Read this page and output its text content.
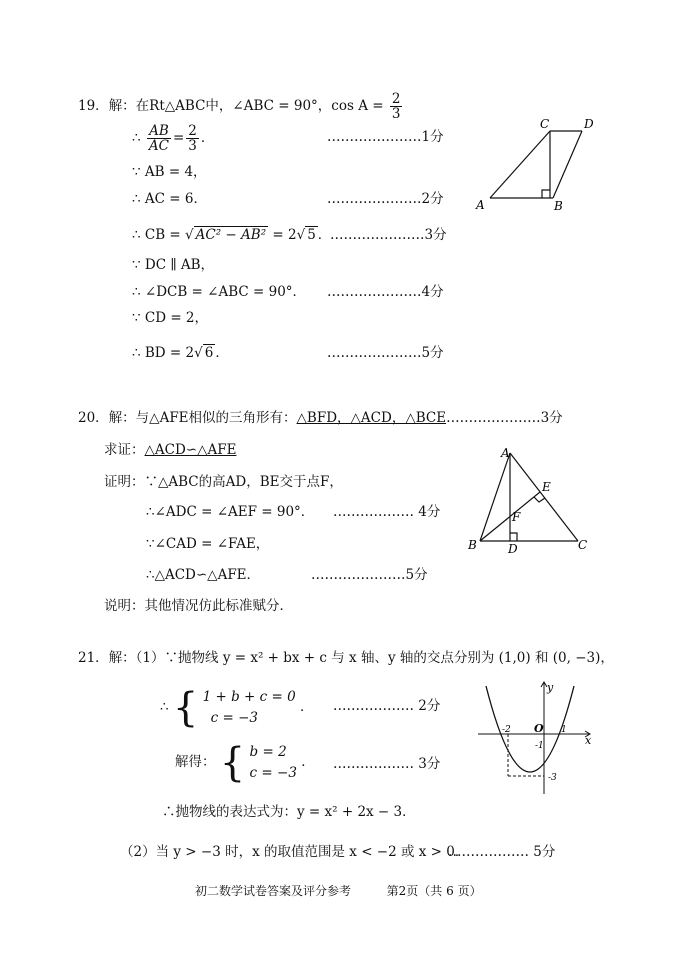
19．解：在Rt△ABC中，∠ABC = 90°，$\cos A = \frac{2}{3}$
∴ $\frac{AB}{AC} = \frac{2}{3}$ ．	…………………1分
∵ AB = 4，
∴ AC = 6．	…………………2分
∴ CB = √ AC² − AB² = 2√ 5 ．
…………………3分
∵ DC ∥ AB，
∴ ∠DCB = ∠ABC = 90°． …………………4分
∵ CD = 2，
∴ BD = 2√ 6 ．	…………………5分
A	B
C	D
20．解：与△AFE相似的三角形有：△BFD，△ACD，△BCE…………………3分
求证：△ACD∽△AFE
证明：∵△ABC的高AD，BE交于点F，
∴∠ADC = ∠AEF = 90°． ……………… 4分
∵∠CAD = ∠FAE，
∴△ACD∽△AFE．	…………………5分
说明：其他情况仿此标准赋分．
A
B	C
D
E
F
21．解：（1）∵抛物线 y = x² + bx + c 与 x 轴、y 轴的交点分别为 (1,0) 和 (0, −3)，
∴ { 1 + b + c = 0
c = −3
． ……………… 2分
解得： { b = 2
c = −3
． ……………… 3分
∴抛物线的表达式为：y = x² + 2x − 3．
（2）当 y > −3 时，x 的取值范围是 x < −2 或 x > 0．
……………… 5分
y
x
O
-2	1
-1
-3
初二数学试卷答案及评分参考	第2页（共 6 页）
